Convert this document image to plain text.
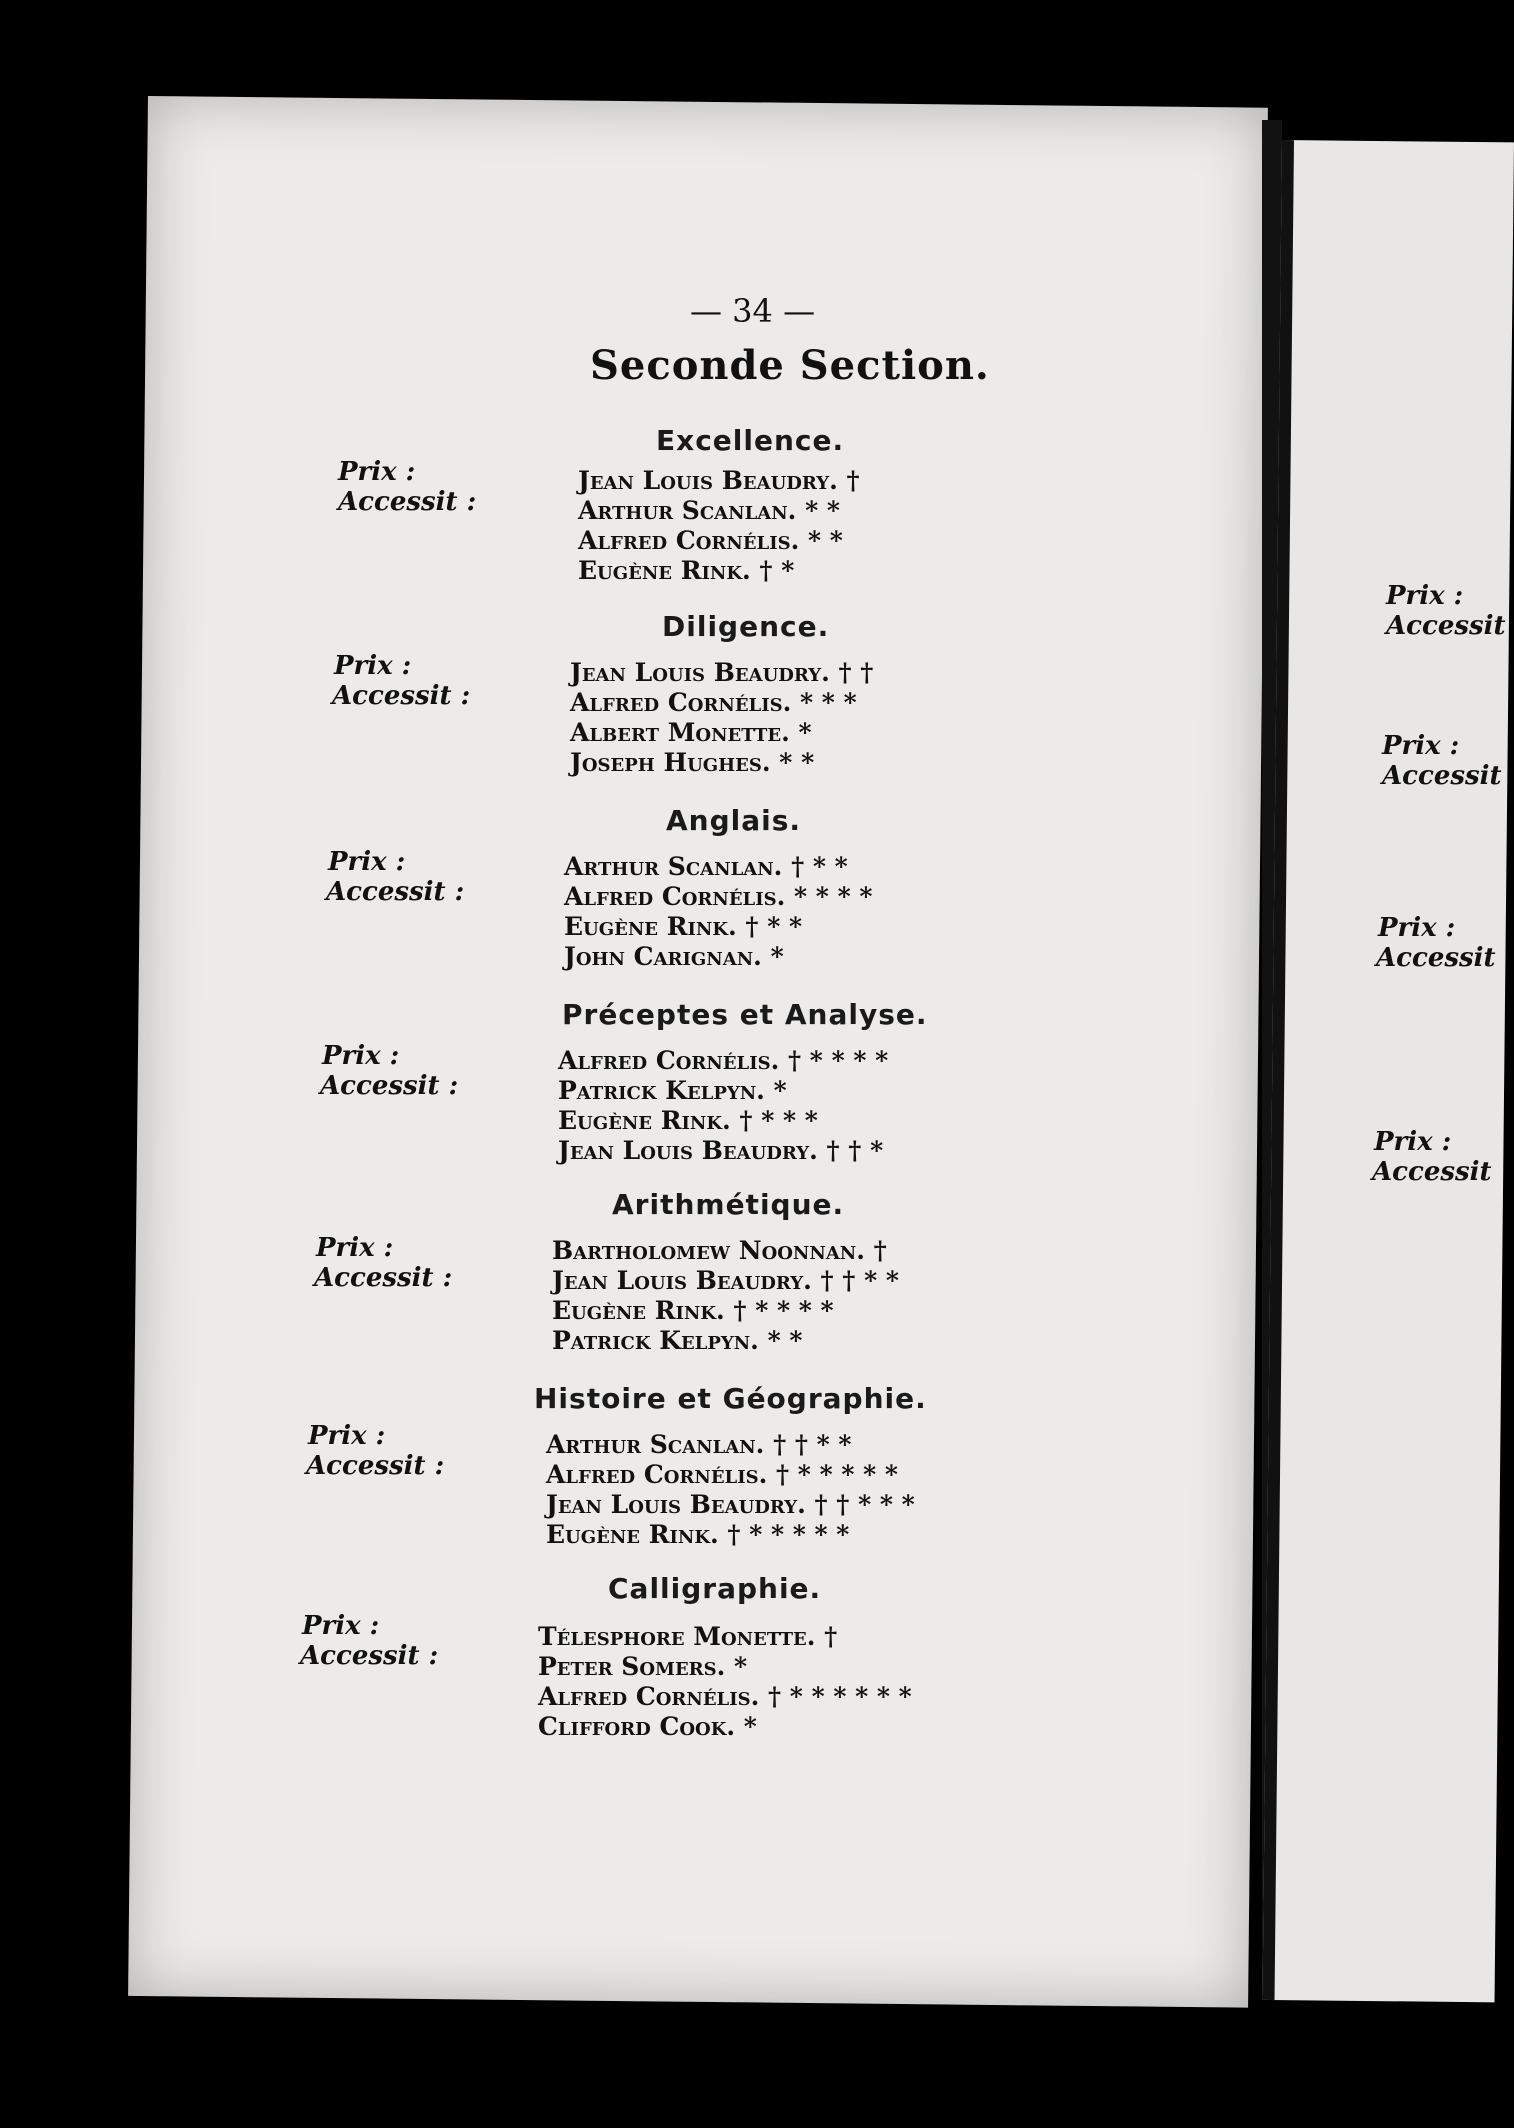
— 34 —
Seconde Section.
Excellence.
Prix :
Accessit :
Jean Louis Beaudry. †
Arthur Scanlan. * *
Alfred Cornélis. * *
Eugène Rink. † *
Diligence.
Prix :
Accessit :
Jean Louis Beaudry. † †
Alfred Cornélis. * * *
Albert Monette. *
Joseph Hughes. * *
Anglais.
Prix :
Accessit :
Arthur Scanlan. † * *
Alfred Cornélis. * * * *
Eugène Rink. † * *
John Carignan. *
Préceptes et Analyse.
Prix :
Accessit :
Alfred Cornélis. † * * * *
Patrick Kelpyn. *
Eugène Rink. † * * *
Jean Louis Beaudry. † † *
Arithmétique.
Prix :
Accessit :
Bartholomew Noonnan. †
Jean Louis Beaudry. † † * *
Eugène Rink. † * * * *
Patrick Kelpyn. * *
Histoire et Géographie.
Prix :
Accessit :
Arthur Scanlan. † † * *
Alfred Cornélis. † * * * * *
Jean Louis Beaudry. † † * * *
Eugène Rink. † * * * * *
Calligraphie.
Prix :
Accessit :
Télesphore Monette. †
Peter Somers. *
Alfred Cornélis. † * * * * * *
Clifford Cook. *
Prix :
Accessit
Prix :
Accessit
Prix :
Accessit
Prix :
Accessit
